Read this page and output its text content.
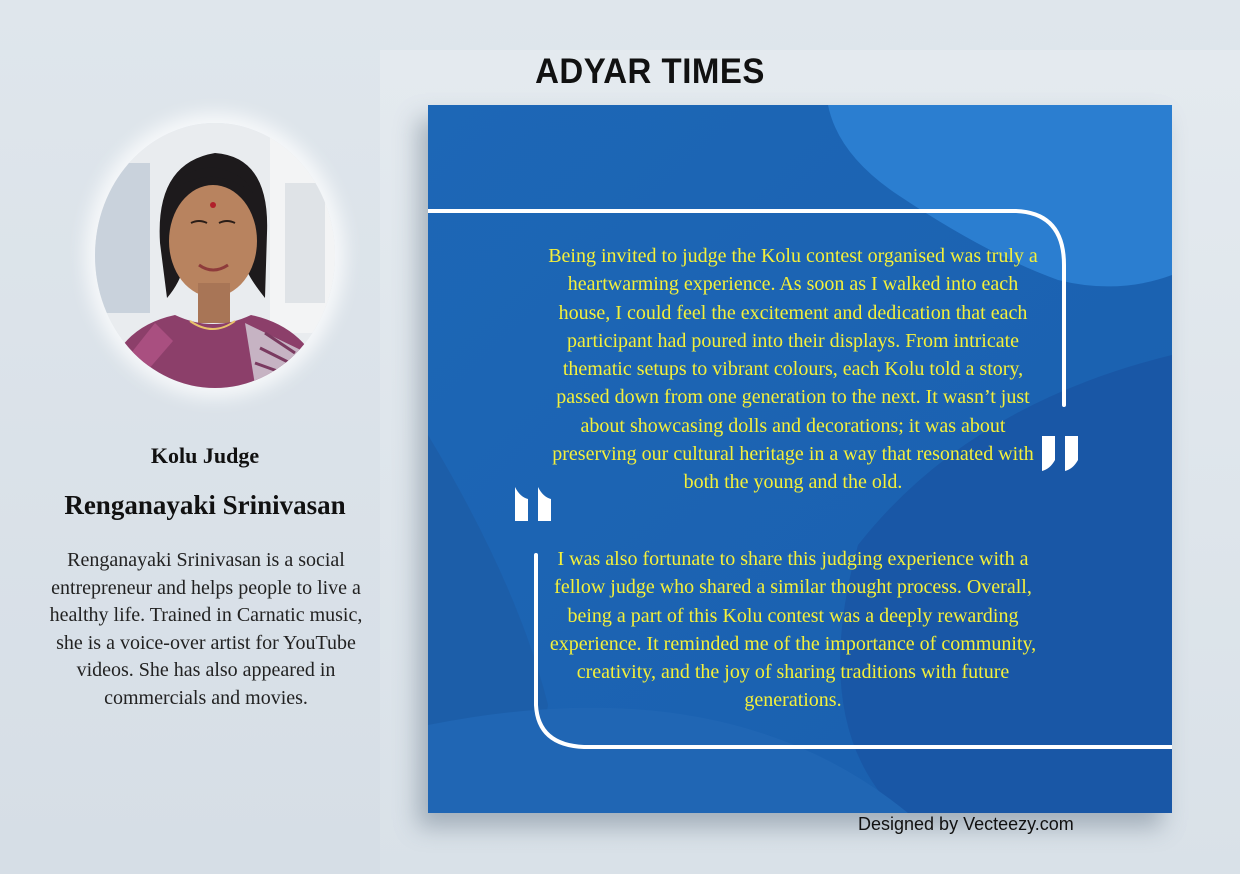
ADYAR TIMES
Kolu Judge
Renganayaki Srinivasan
Renganayaki Srinivasan is a social entrepreneur and helps people to live a healthy life. Trained in Carnatic music, she is a voice-over artist for YouTube videos. She has also appeared in commercials and movies.
Being invited to judge the Kolu contest organised was truly a heartwarming experience. As soon as I walked into each house, I could feel the excitement and dedication that each participant had poured into their displays. From intricate thematic setups to vibrant colours, each Kolu told a story, passed down from one generation to the next. It wasn’t just about showcasing dolls and decorations; it was about preserving our cultural heritage in a way that resonated with both the young and the old.
I was also fortunate to share this judging experience with a fellow judge who shared a similar thought process. Overall, being a part of this Kolu contest was a deeply rewarding experience. It reminded me of the importance of community, creativity, and the joy of sharing traditions with future generations.
Designed by Vecteezy.com
